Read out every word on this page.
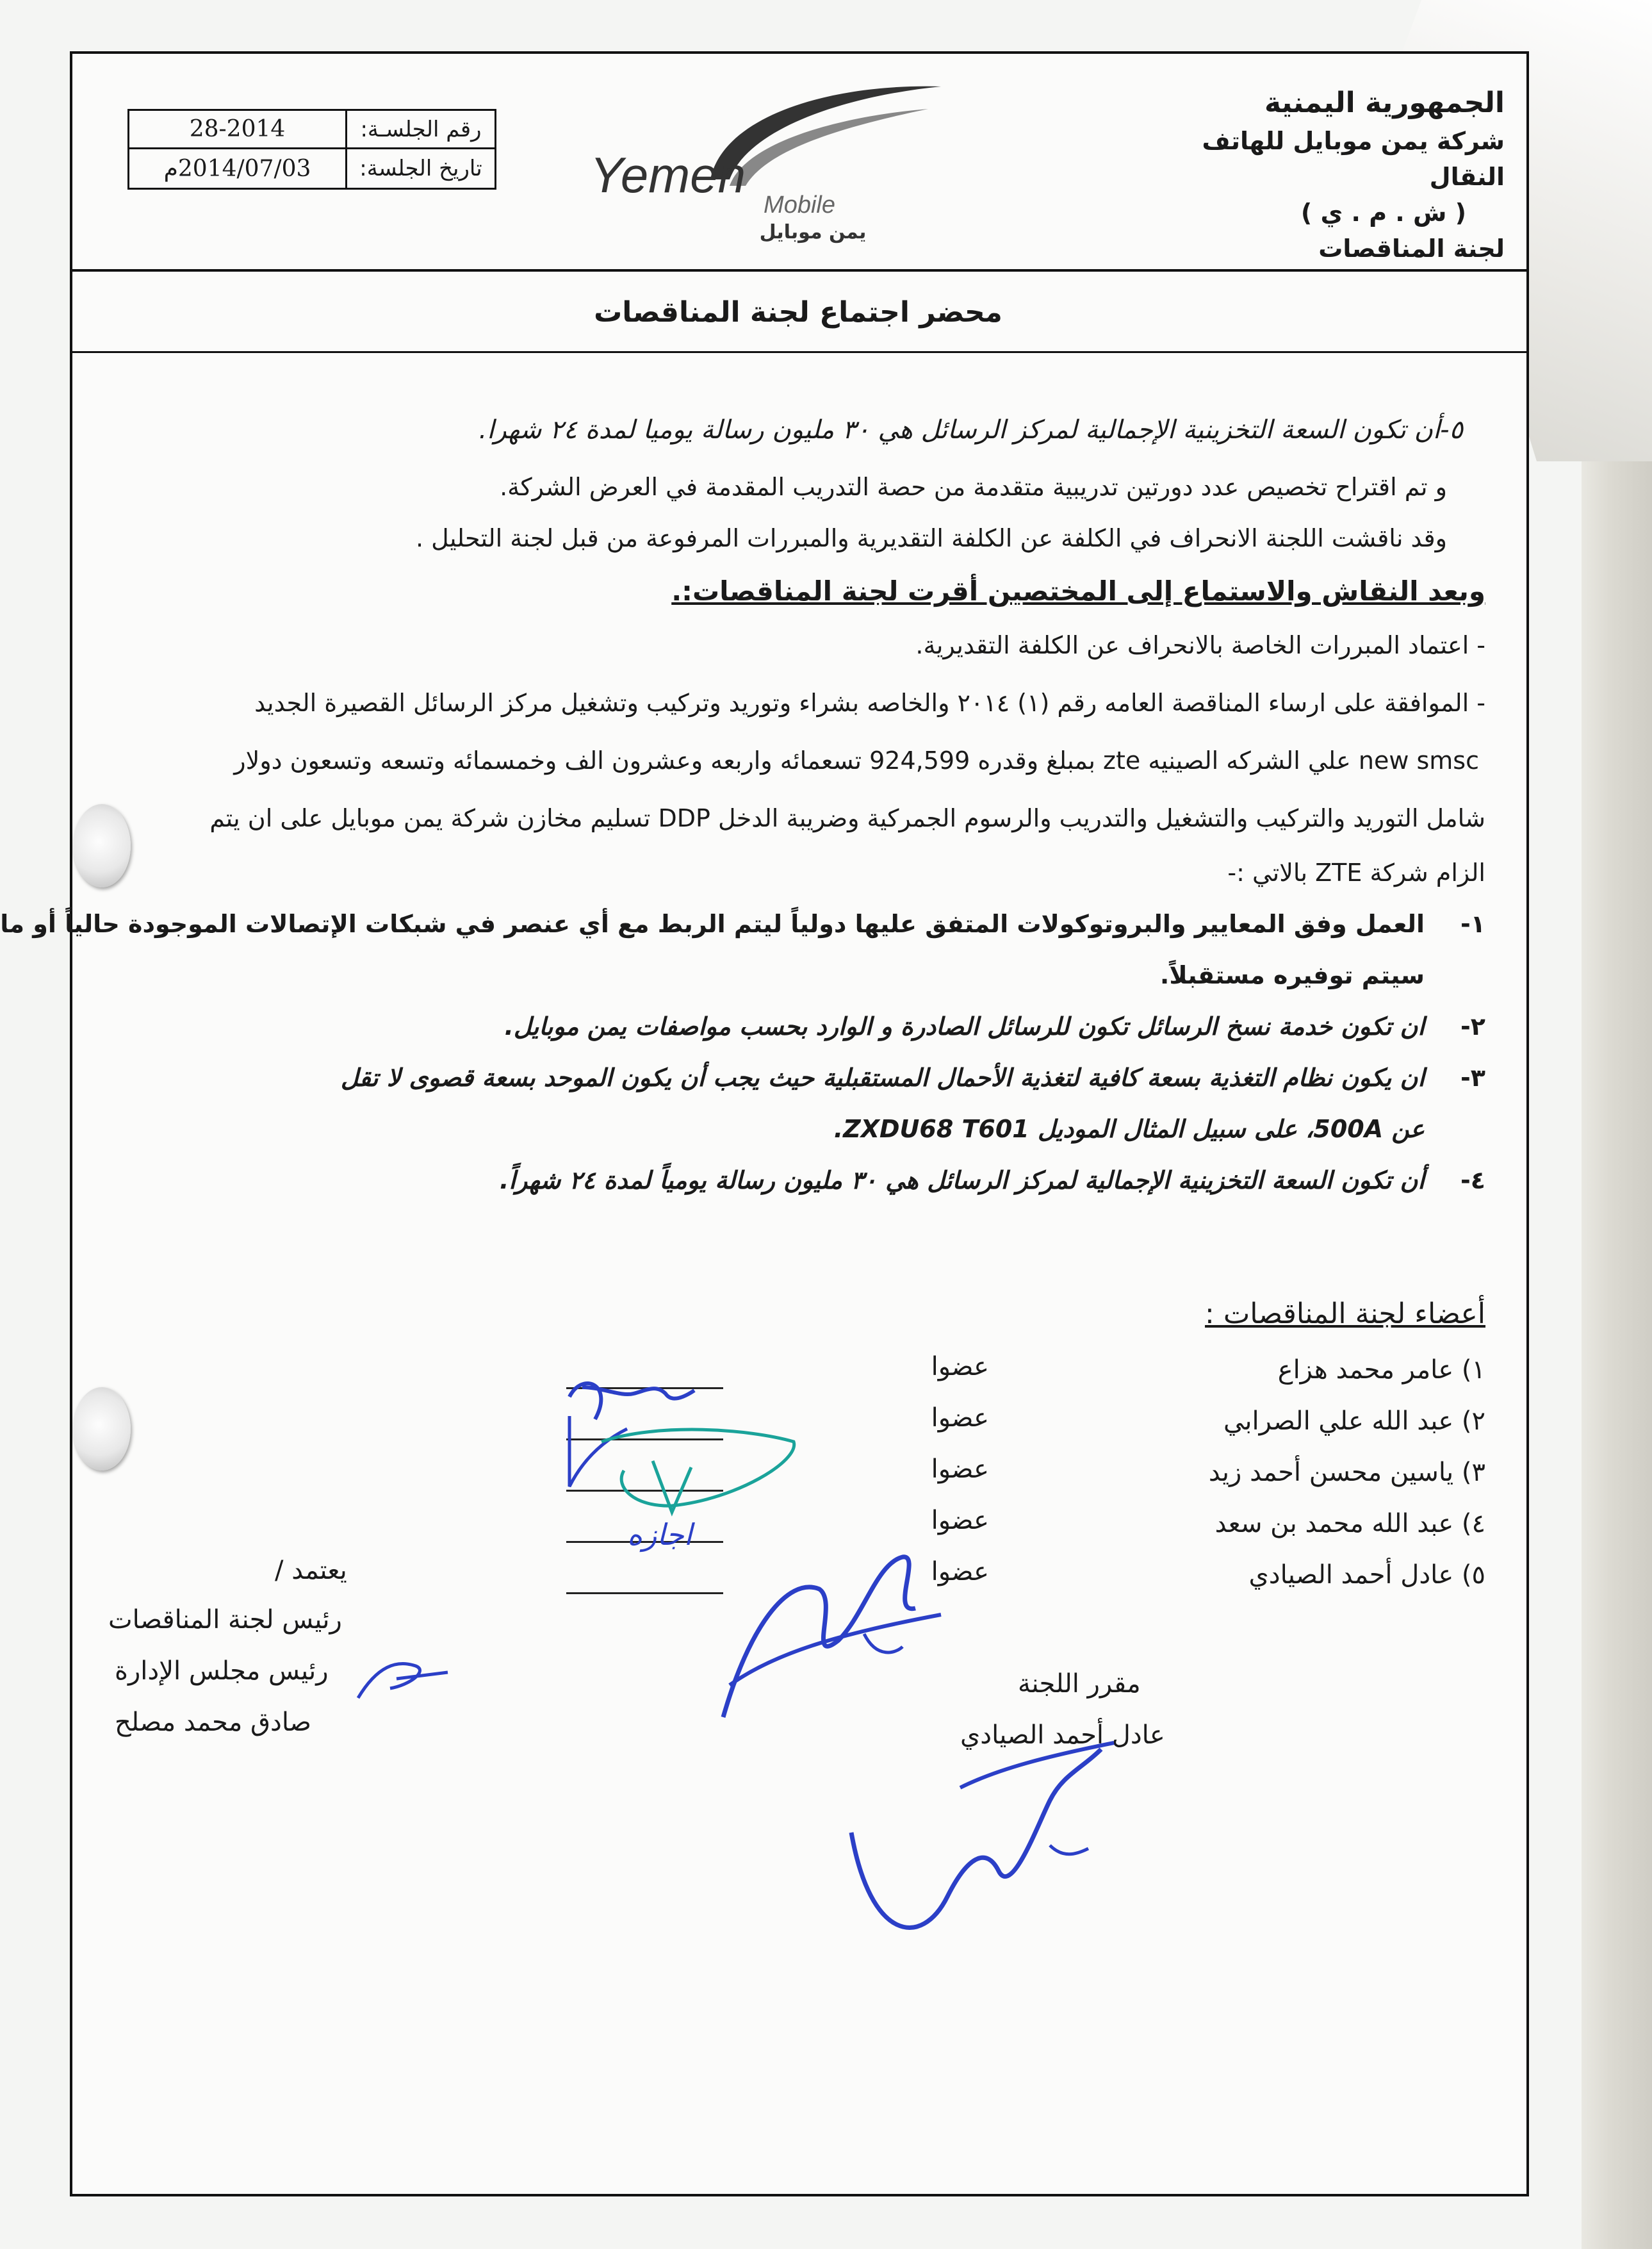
الجمهورية اليمنية
شركة يمن موبايل للهاتف النقال
( ش . م . ي )
لجنة المناقصات
Yemen
Mobile
يمن موبايل
رقم الجلسـة:
28-2014
تاريخ الجلسة:
2014/07/03م
محضر اجتماع لجنة المناقصات
٥-أن تكون السعة التخزينية الإجمالية لمركز الرسائل هي ٣٠ مليون رسالة يوميا لمدة ٢٤ شهرا.
و تم اقتراح تخصيص عدد دورتين تدريبية متقدمة من حصة التدريب المقدمة في العرض الشركة.
وقد ناقشت اللجنة الانحراف في الكلفة عن الكلفة التقديرية والمبررات المرفوعة من قبل لجنة التحليل .
وبعد النقاش والاستماع إلى المختصين أقرت لجنة المناقصات:.
- اعتماد المبررات الخاصة بالانحراف عن الكلفة التقديرية.
- الموافقة على ارساء المناقصة العامه رقم (١) ٢٠١٤ والخاصه بشراء وتوريد وتركيب وتشغيل مركز الرسائل القصيرة الجديد
new smsc علي الشركه الصينيه zte بمبلغ وقدره 924,599 تسعمائه واربعه وعشرون الف وخمسمائه وتسعه وتسعون دولار
شامل التوريد والتركيب والتشغيل والتدريب والرسوم الجمركية وضريبة الدخل DDP تسليم مخازن شركة يمن موبايل على ان يتم
الزام شركة ZTE بالاتي :-
١-
العمل وفق المعايير والبروتوكولات المتفق عليها دولياً ليتم الربط مع أي عنصر في شبكات الإتصالات الموجودة حالياً أو ما
سيتم توفيره مستقبلاً.
٢-
ان تكون خدمة نسخ الرسائل تكون للرسائل الصادرة و الوارد بحسب مواصفات يمن موبايل.
٣-
ان يكون نظام التغذية بسعة كافية لتغذية الأحمال المستقبلية حيث يجب أن يكون الموحد بسعة قصوى لا تقل
عن 500A، على سبيل المثال الموديل ZXDU68 T601.
٤-
أن تكون السعة التخزينية الإجمالية لمركز الرسائل هي ٣٠ مليون رسالة يومياً لمدة ٢٤ شهراً.
أعضاء لجنة المناقصات :
١) عامر محمد هزاع
عضوا
٢) عبد الله علي الصرابي
عضوا
٣) ياسين محسن أحمد زيد
عضوا
٤) عبد الله محمد بن سعد
عضوا
٥) عادل أحمد الصيادي
عضوا
يعتمد /
رئيس لجنة المناقصات
رئيس مجلس الإدارة
صادق محمد مصلح
مقرر اللجنة
عادل أحمد الصيادي
اجازه
